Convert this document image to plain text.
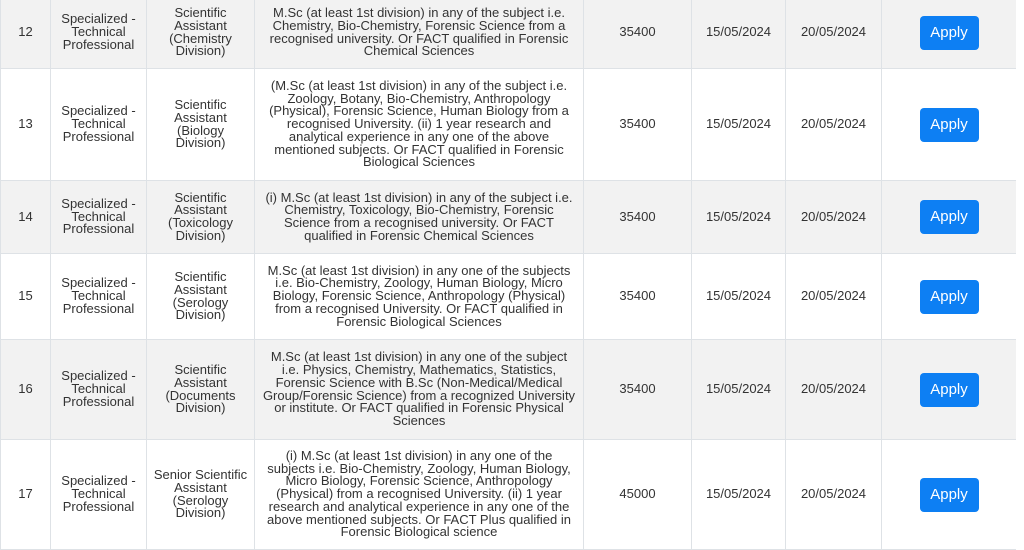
12	Specialized - Technical Professional	Scientific Assistant (Chemistry Division)	M.Sc (at least 1st division) in any of the subject i.e. Chemistry, Bio-Chemistry, Forensic Science from a recognised university. Or FACT qualified in Forensic Chemical Sciences	35400	15/05/2024	20/05/2024	Apply
13	Specialized - Technical Professional	Scientific Assistant (Biology Division)	(M.Sc (at least 1st division) in any of the subject i.e. Zoology, Botany, Bio-Chemistry, Anthropology (Physical), Forensic Science, Human Biology from a recognised University. (ii) 1 year research and analytical experience in any one of the above mentioned subjects. Or FACT qualified in Forensic Biological Sciences	35400	15/05/2024	20/05/2024	Apply
14	Specialized - Technical Professional	Scientific Assistant (Toxicology Division)	(i) M.Sc (at least 1st division) in any of the subject i.e. Chemistry, Toxicology, Bio-Chemistry, Forensic Science from a recognised university. Or FACT qualified in Forensic Chemical Sciences	35400	15/05/2024	20/05/2024	Apply
15	Specialized - Technical Professional	Scientific Assistant (Serology Division)	M.Sc (at least 1st division) in any one of the subjects i.e. Bio-Chemistry, Zoology, Human Biology, Micro Biology, Forensic Science, Anthropology (Physical) from a recognised University. Or FACT qualified in Forensic Biological Sciences	35400	15/05/2024	20/05/2024	Apply
16	Specialized - Technical Professional	Scientific Assistant (Documents Division)	M.Sc (at least 1st division) in any one of the subject i.e. Physics, Chemistry, Mathematics, Statistics, Forensic Science with B.Sc (Non-Medical/Medical Group/Forensic Science) from a recognized University or institute. Or FACT qualified in Forensic Physical Sciences	35400	15/05/2024	20/05/2024	Apply
17	Specialized - Technical Professional	Senior Scientific Assistant (Serology Division)	(i) M.Sc (at least 1st division) in any one of the subjects i.e. Bio-Chemistry, Zoology, Human Biology, Micro Biology, Forensic Science, Anthropology (Physical) from a recognised University. (ii) 1 year research and analytical experience in any one of the above mentioned subjects. Or FACT Plus qualified in Forensic Biological science	45000	15/05/2024	20/05/2024	Apply
